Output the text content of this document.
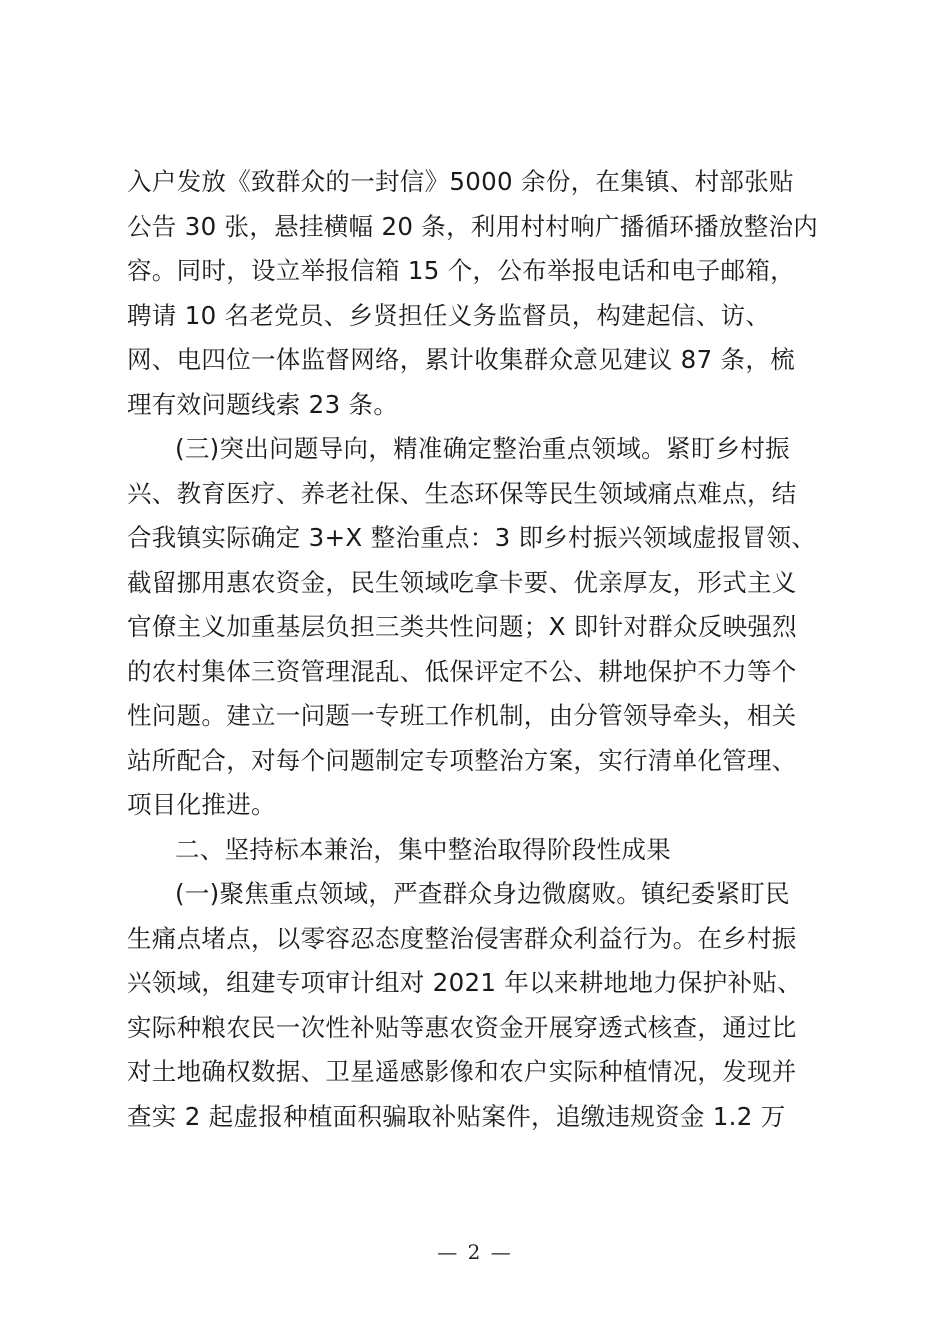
入户发放《致群众的一封信》5000 余份，在集镇、村部张贴
公告 30 张，悬挂横幅 20 条，利用村村响广播循环播放整治内
容。同时，设立举报信箱 15 个，公布举报电话和电子邮箱，
聘请 10 名老党员、乡贤担任义务监督员，构建起信、访、
网、电四位一体监督网络，累计收集群众意见建议 87 条，梳
理有效问题线索 23 条。
(三)突出问题导向，精准确定整治重点领域。紧盯乡村振
兴、教育医疗、养老社保、生态环保等民生领域痛点难点，结
合我镇实际确定 3+X 整治重点：3 即乡村振兴领域虚报冒领、
截留挪用惠农资金，民生领域吃拿卡要、优亲厚友，形式主义
官僚主义加重基层负担三类共性问题；X 即针对群众反映强烈
的农村集体三资管理混乱、低保评定不公、耕地保护不力等个
性问题。建立一问题一专班工作机制，由分管领导牵头，相关
站所配合，对每个问题制定专项整治方案，实行清单化管理、
项目化推进。
二、坚持标本兼治，集中整治取得阶段性成果
(一)聚焦重点领域，严查群众身边微腐败。镇纪委紧盯民
生痛点堵点，以零容忍态度整治侵害群众利益行为。在乡村振
兴领域，组建专项审计组对 2021 年以来耕地地力保护补贴、
实际种粮农民一次性补贴等惠农资金开展穿透式核查，通过比
对土地确权数据、卫星遥感影像和农户实际种植情况，发现并
查实 2 起虚报种植面积骗取补贴案件，追缴违规资金 1.2 万
— 2 —
